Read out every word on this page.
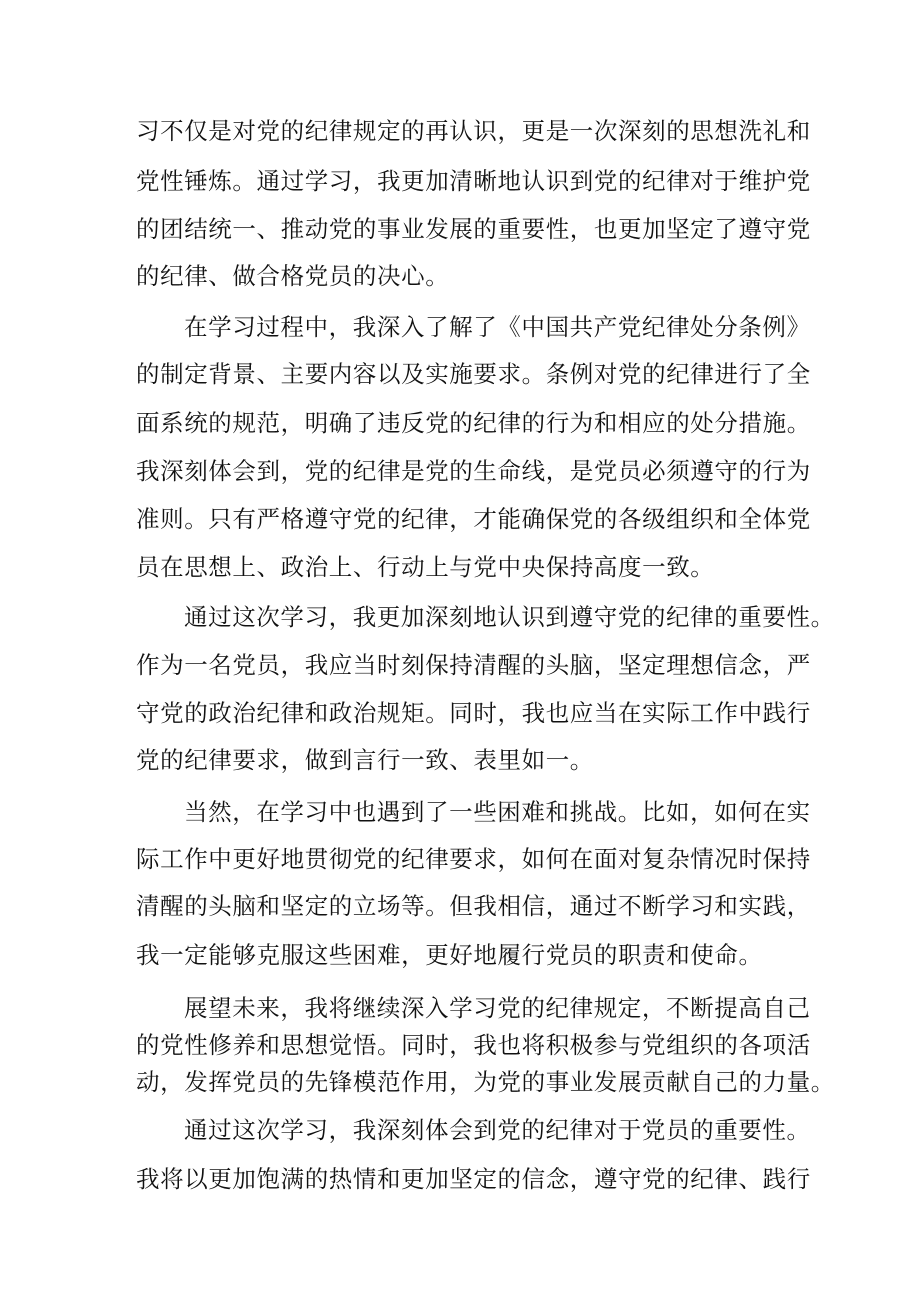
习不仅是对党的纪律规定的再认识，更是一次深刻的思想洗礼和
党性锤炼。通过学习，我更加清晰地认识到党的纪律对于维护党
的团结统一、推动党的事业发展的重要性，也更加坚定了遵守党
的纪律、做合格党员的决心。
在学习过程中，我深入了解了《中国共产党纪律处分条例》
的制定背景、主要内容以及实施要求。条例对党的纪律进行了全
面系统的规范，明确了违反党的纪律的行为和相应的处分措施。
我深刻体会到，党的纪律是党的生命线，是党员必须遵守的行为
准则。只有严格遵守党的纪律，才能确保党的各级组织和全体党
员在思想上、政治上、行动上与党中央保持高度一致。
通过这次学习，我更加深刻地认识到遵守党的纪律的重要性。
作为一名党员，我应当时刻保持清醒的头脑，坚定理想信念，严
守党的政治纪律和政治规矩。同时，我也应当在实际工作中践行
党的纪律要求，做到言行一致、表里如一。
当然，在学习中也遇到了一些困难和挑战。比如，如何在实
际工作中更好地贯彻党的纪律要求，如何在面对复杂情况时保持
清醒的头脑和坚定的立场等。但我相信，通过不断学习和实践，
我一定能够克服这些困难，更好地履行党员的职责和使命。
展望未来，我将继续深入学习党的纪律规定，不断提高自己
的党性修养和思想觉悟。同时，我也将积极参与党组织的各项活
动，发挥党员的先锋模范作用，为党的事业发展贡献自己的力量。
通过这次学习，我深刻体会到党的纪律对于党员的重要性。
我将以更加饱满的热情和更加坚定的信念，遵守党的纪律、践行
